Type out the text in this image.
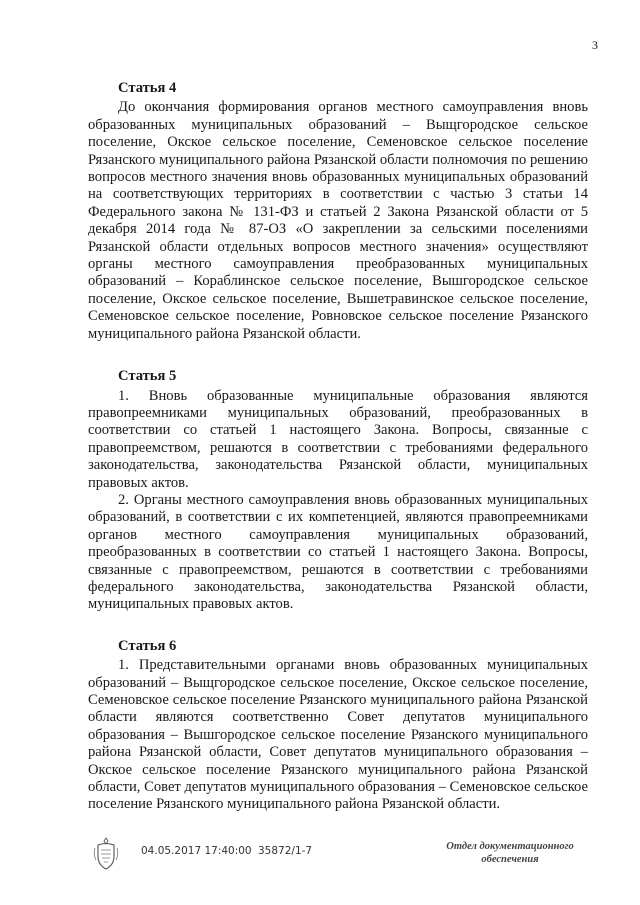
3
Статья 4

До окончания формирования органов местного самоуправления вновь образованных муниципальных образований – Выщгородское сельское поселение, Окское сельское поселение, Семеновское сельское поселение Рязанского муниципального района Рязанской области полномочия по решению вопросов местного значения вновь образованных муниципальных образований на соответствующих территориях в соответствии с частью 3 статьи 14 Федерального закона № 131-ФЗ и статьей 2 Закона Рязанской области от 5 декабря 2014 года № 87-ОЗ «О закреплении за сельскими поселениями Рязанской области отдельных вопросов местного значения» осуществляют органы местного самоуправления преобразованных муниципальных образований – Кораблинское сельское поселение, Вышгородское сельское поселение, Окское сельское поселение, Вышетравинское сельское поселение, Семеновское сельское поселение, Ровновское сельское поселение Рязанского муниципального района Рязанской области.

Статья 5

1. Вновь образованные муниципальные образования являются правопреемниками муниципальных образований, преобразованных в соответствии со статьей 1 настоящего Закона. Вопросы, связанные с правопреемством, решаются в соответствии с требованиями федерального законодательства, законодательства Рязанской области, муниципальных правовых актов.

2. Органы местного самоуправления вновь образованных муниципальных образований, в соответствии с их компетенцией, являются правопреемниками органов местного самоуправления муниципальных образований, преобразованных в соответствии со статьей 1 настоящего Закона. Вопросы, связанные с правопреемством, решаются в соответствии с требованиями федерального законодательства, законодательства Рязанской области, муниципальных правовых актов.

Статья 6

1. Представительными органами вновь образованных муниципальных образований – Выщгородское сельское поселение, Окское сельское поселение, Семеновское сельское поселение Рязанского муниципального района Рязанской области являются соответственно Совет депутатов муниципального образования – Вышгородское сельское поселение Рязанского муниципального района Рязанской области, Совет депутатов муниципального образования – Окское сельское поселение Рязанского муниципального района Рязанской области, Совет депутатов муниципального образования – Семеновское сельское поселение Рязанского муниципального района Рязанской области.

04.05.2017 17:40:00 35872/1-7	Отдел документационного
обеспечения
